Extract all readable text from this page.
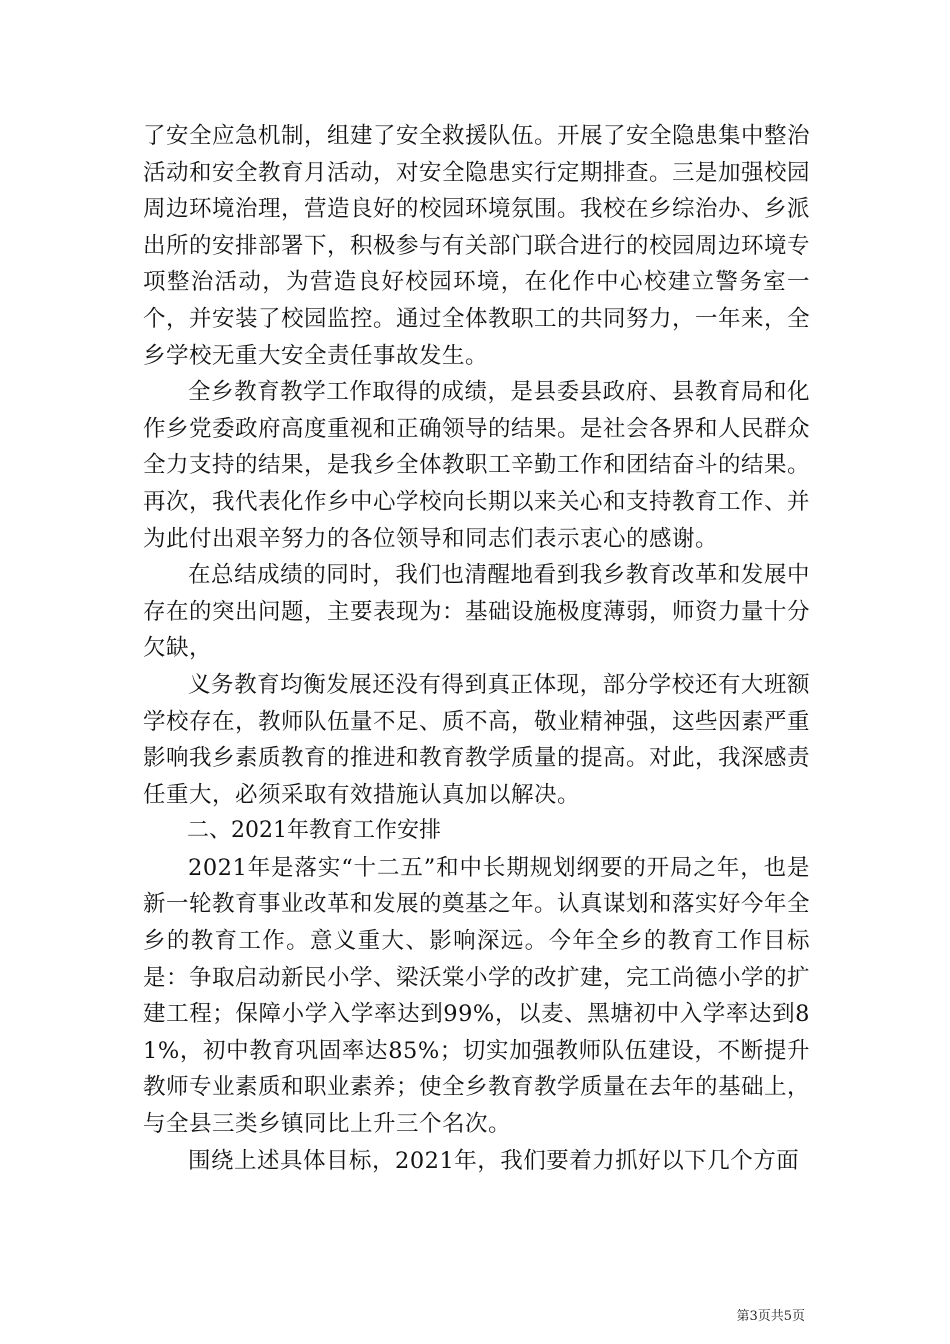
了安全应急机制，组建了安全救援队伍。开展了安全隐患集中整治活动和安全教育月活动，对安全隐患实行定期排查。三是加强校园周边环境治理，营造良好的校园环境氛围。我校在乡综治办、乡派出所的安排部署下，积极参与有关部门联合进行的校园周边环境专项整治活动，为营造良好校园环境，在化作中心校建立警务室一个，并安装了校园监控。通过全体教职工的共同努力，一年来，全乡学校无重大安全责任事故发生。

全乡教育教学工作取得的成绩，是县委县政府、县教育局和化作乡党委政府高度重视和正确领导的结果。是社会各界和人民群众全力支持的结果，是我乡全体教职工辛勤工作和团结奋斗的结果。再次，我代表化作乡中心学校向长期以来关心和支持教育工作、并为此付出艰辛努力的各位领导和同志们表示衷心的感谢。

在总结成绩的同时，我们也清醒地看到我乡教育改革和发展中存在的突出问题，主要表现为：基础设施极度薄弱，师资力量十分欠缺，

义务教育均衡发展还没有得到真正体现，部分学校还有大班额学校存在，教师队伍量不足、质不高，敬业精神强，这些因素严重影响我乡素质教育的推进和教育教学质量的提高。对此，我深感责任重大，必须采取有效措施认真加以解决。

二、2021年教育工作安排

2021年是落实“十二五”和中长期规划纲要的开局之年，也是新一轮教育事业改革和发展的奠基之年。认真谋划和落实好今年全乡的教育工作。意义重大、影响深远。今年全乡的教育工作目标是：争取启动新民小学、梁沃棠小学的改扩建，完工尚德小学的扩建工程；保障小学入学率达到99%，以麦、黑塘初中入学率达到81%，初中教育巩固率达85%；切实加强教师队伍建设，不断提升教师专业素质和职业素养；使全乡教育教学质量在去年的基础上，与全县三类乡镇同比上升三个名次。

围绕上述具体目标，2021年，我们要着力抓好以下几个方面

第3页共5页
